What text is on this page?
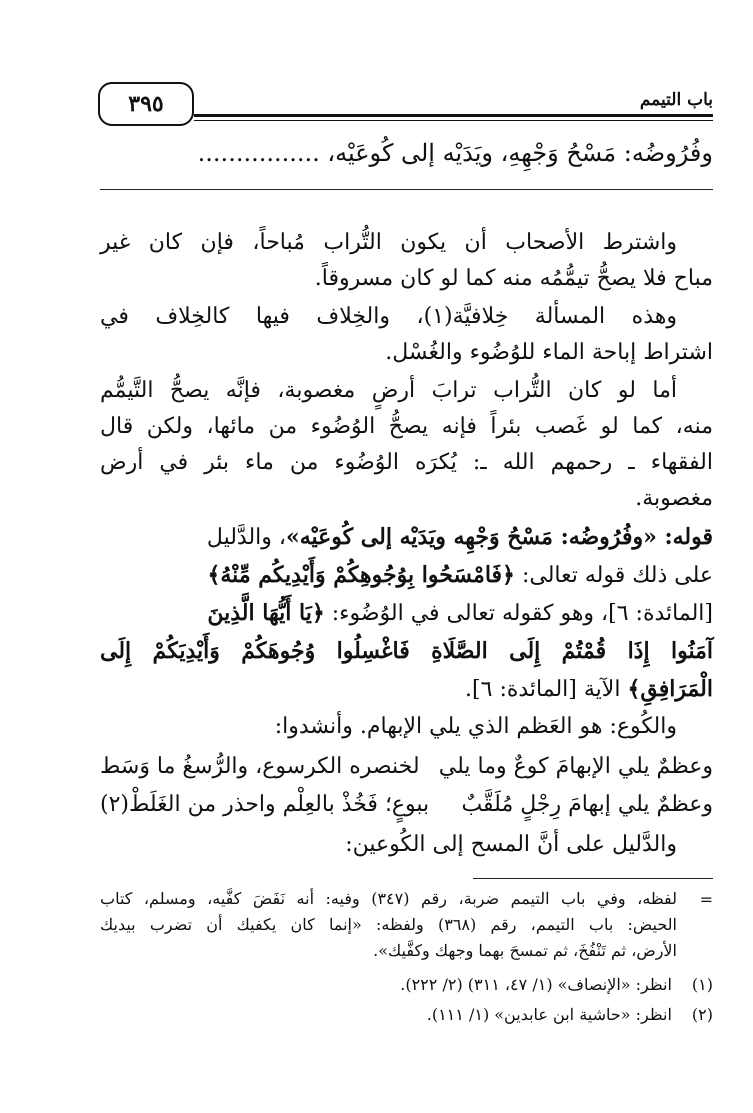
باب التيمم
٣٩٥
وفُرُوضُه: مَسْحُ وَجْهِهِ، ويَدَيْه إلى كُوعَيْه، ................
واشترط الأصحاب أن يكون التُّراب مُباحاً، فإن كان غير
مباح فلا يصحُّ تيمُّمُه منه كما لو كان مسروقاً.
وهذه المسألة خِلافيَّة(١)، والخِلاف فيها كالخِلاف في
اشتراط إباحة الماء للوُضُوء والغُسْل.
أما لو كان التُّراب ترابَ أرضٍ مغصوبة، فإنَّه يصحُّ التَّيمُّم
منه، كما لو غَصب بئراً فإنه يصحُّ الوُضُوء من مائها، ولكن قال
الفقهاء ـ رحمهم الله ـ: يُكرَه الوُضُوء من ماء بئر في أرض
مغصوبة.
قوله: «وفُرُوضُه: مَسْحُ وَجْهِه ويَدَيْه إلى كُوعَيْه»، والدَّليل
على ذلك قوله تعالى: ﴿فَامْسَحُوا بِوُجُوهِكُمْ وَأَيْدِيكُم مِّنْهُ﴾
[المائدة: ٦]، وهو كقوله تعالى في الوُضُوء: ﴿يَا أَيُّهَا الَّذِينَ
آمَنُوا إِذَا قُمْتُمْ إِلَى الصَّلَاةِ فَاغْسِلُوا وُجُوهَكُمْ وَأَيْدِيَكُمْ إِلَى
الْمَرَافِقِ﴾ الآية [المائدة: ٦].
والكُوع: هو العَظم الذي يلي الإبهام. وأنشدوا:
وعظمٌ يلي الإبهامَ كوعٌ وما يلي
لخنصره الكرسوع، والرُّسغُ ما وَسَط
وعظمٌ يلي إبهامَ رِجْلٍ مُلَقَّبٌ
ببوعٍ؛ فَخُذْ بالعِلْم واحذر من الغَلَطْ(٢)
والدَّليل على أنَّ المسح إلى الكُوعين:
=
لفظه، وفي باب التيمم ضربة، رقم (٣٤٧) وفيه: أنه نَفَضَ كفَّيه، ومسلم، كتاب
الحيض: باب التيمم، رقم (٣٦٨) ولفظه: «إنما كان يكفيك أن تضرب بيديك
الأرض، ثم تَنْفُخَ، ثم تمسحَ بهما وجهك وكفَّيك».
(١) انظر: «الإنصاف» (١/ ٤٧، ٣١١) (٢/ ٢٢٢).
(٢) انظر: «حاشية ابن عابدين» (١/ ١١١).
